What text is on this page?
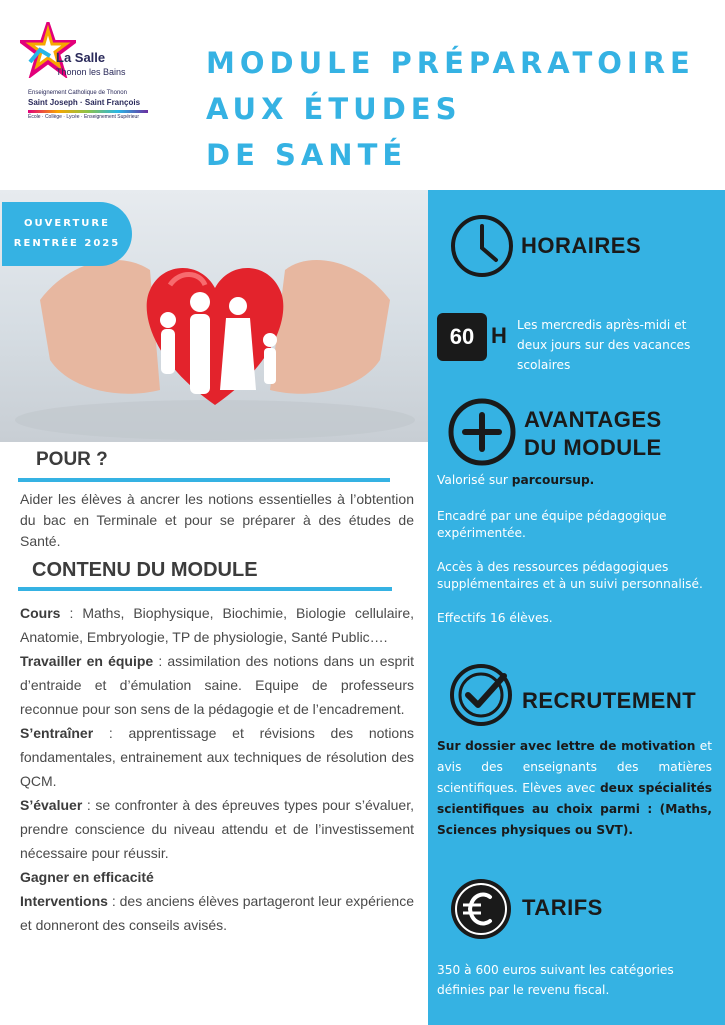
La Salle
Thonon les Bains
Enseignement Catholique de Thonon
Saint Joseph · Saint François
École · Collège · Lycée · Enseignement Supérieur
MODULE PRÉPARATOIRE
AUX ÉTUDES
DE SANTÉ
OUVERTURE
RENTRÉE 2025
POUR ?
Aider les élèves à ancrer les notions essentielles à l’obtention du bac en Terminale et pour se préparer à des études de Santé.
CONTENU DU MODULE
Cours : Maths, Biophysique, Biochimie, Biologie cellulaire, Anatomie, Embryologie, TP de physiologie, Santé Public….
Travailler en équipe : assimilation des notions dans un esprit d’entraide et d’émulation saine. Equipe de professeurs reconnue pour son sens de la pédagogie et de l’encadrement.
S’entraîner : apprentissage et révisions des notions fondamentales, entrainement aux techniques de résolution des QCM.
S’évaluer : se confronter à des épreuves types pour s’évaluer, prendre conscience du niveau attendu et de l’investissement nécessaire pour réussir.
Gagner en efficacité
Interventions : des anciens élèves partageront leur expérience et donneront des conseils avisés.
HORAIRES
60 H Les mercredis après-midi et deux jours sur des vacances scolaires
AVANTAGES
DU MODULE
Valorisé sur parcoursup.
Encadré par une équipe pédagogique expérimentée.
Accès à des ressources pédagogiques supplémentaires et à un suivi personnalisé.
Effectifs 16 élèves.
RECRUTEMENT
Sur dossier avec lettre de motivation et avis des enseignants des matières scientifiques. Elèves avec deux spécialités scientifiques au choix parmi : (Maths, Sciences physiques ou SVT).
TARIFS
350 à 600 euros suivant les catégories définies par le revenu fiscal.
